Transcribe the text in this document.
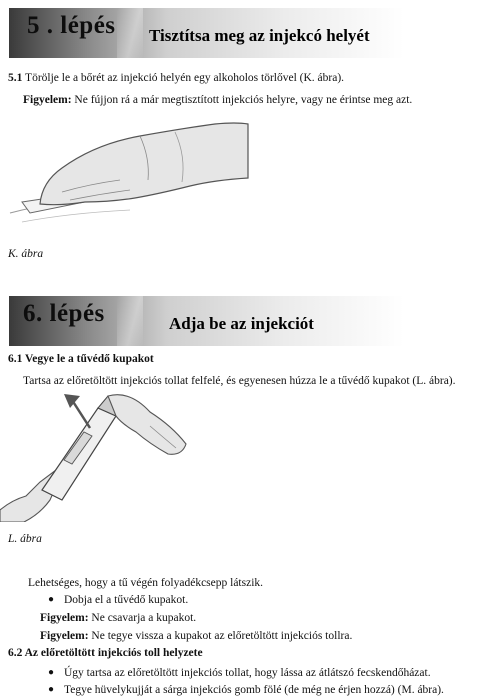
5 . lépés Tisztítsa meg az injekcó helyét
5.1 Törölje le a bőrét az injekció helyén egy alkoholos törlővel (K. ábra).
Figyelem: Ne fújjon rá a már megtisztított injekciós helyre, vagy ne érintse meg azt.
K. ábra
6. lépés	Adja be az injekciót
6.1 Vegye le a tűvédő kupakot
Tartsa az előretöltött injekciós tollat felfelé, és egyenesen húzza le a tűvédő kupakot (L. ábra).
L. ábra
Lehetséges, hogy a tű végén folyadékcsepp látszik.
● Dobja el a tűvédő kupakot.
Figyelem: Ne csavarja a kupakot.
Figyelem: Ne tegye vissza a kupakot az előretöltött injekciós tollra.
6.2 Az előretöltött injekciós toll helyzete
● Úgy tartsa az előretöltött injekciós tollat, hogy lássa az átlátszó fecskendőházat.
● Tegye hüvelykujját a sárga injekciós gomb fölé (de még ne érjen hozzá) (M. ábra).
